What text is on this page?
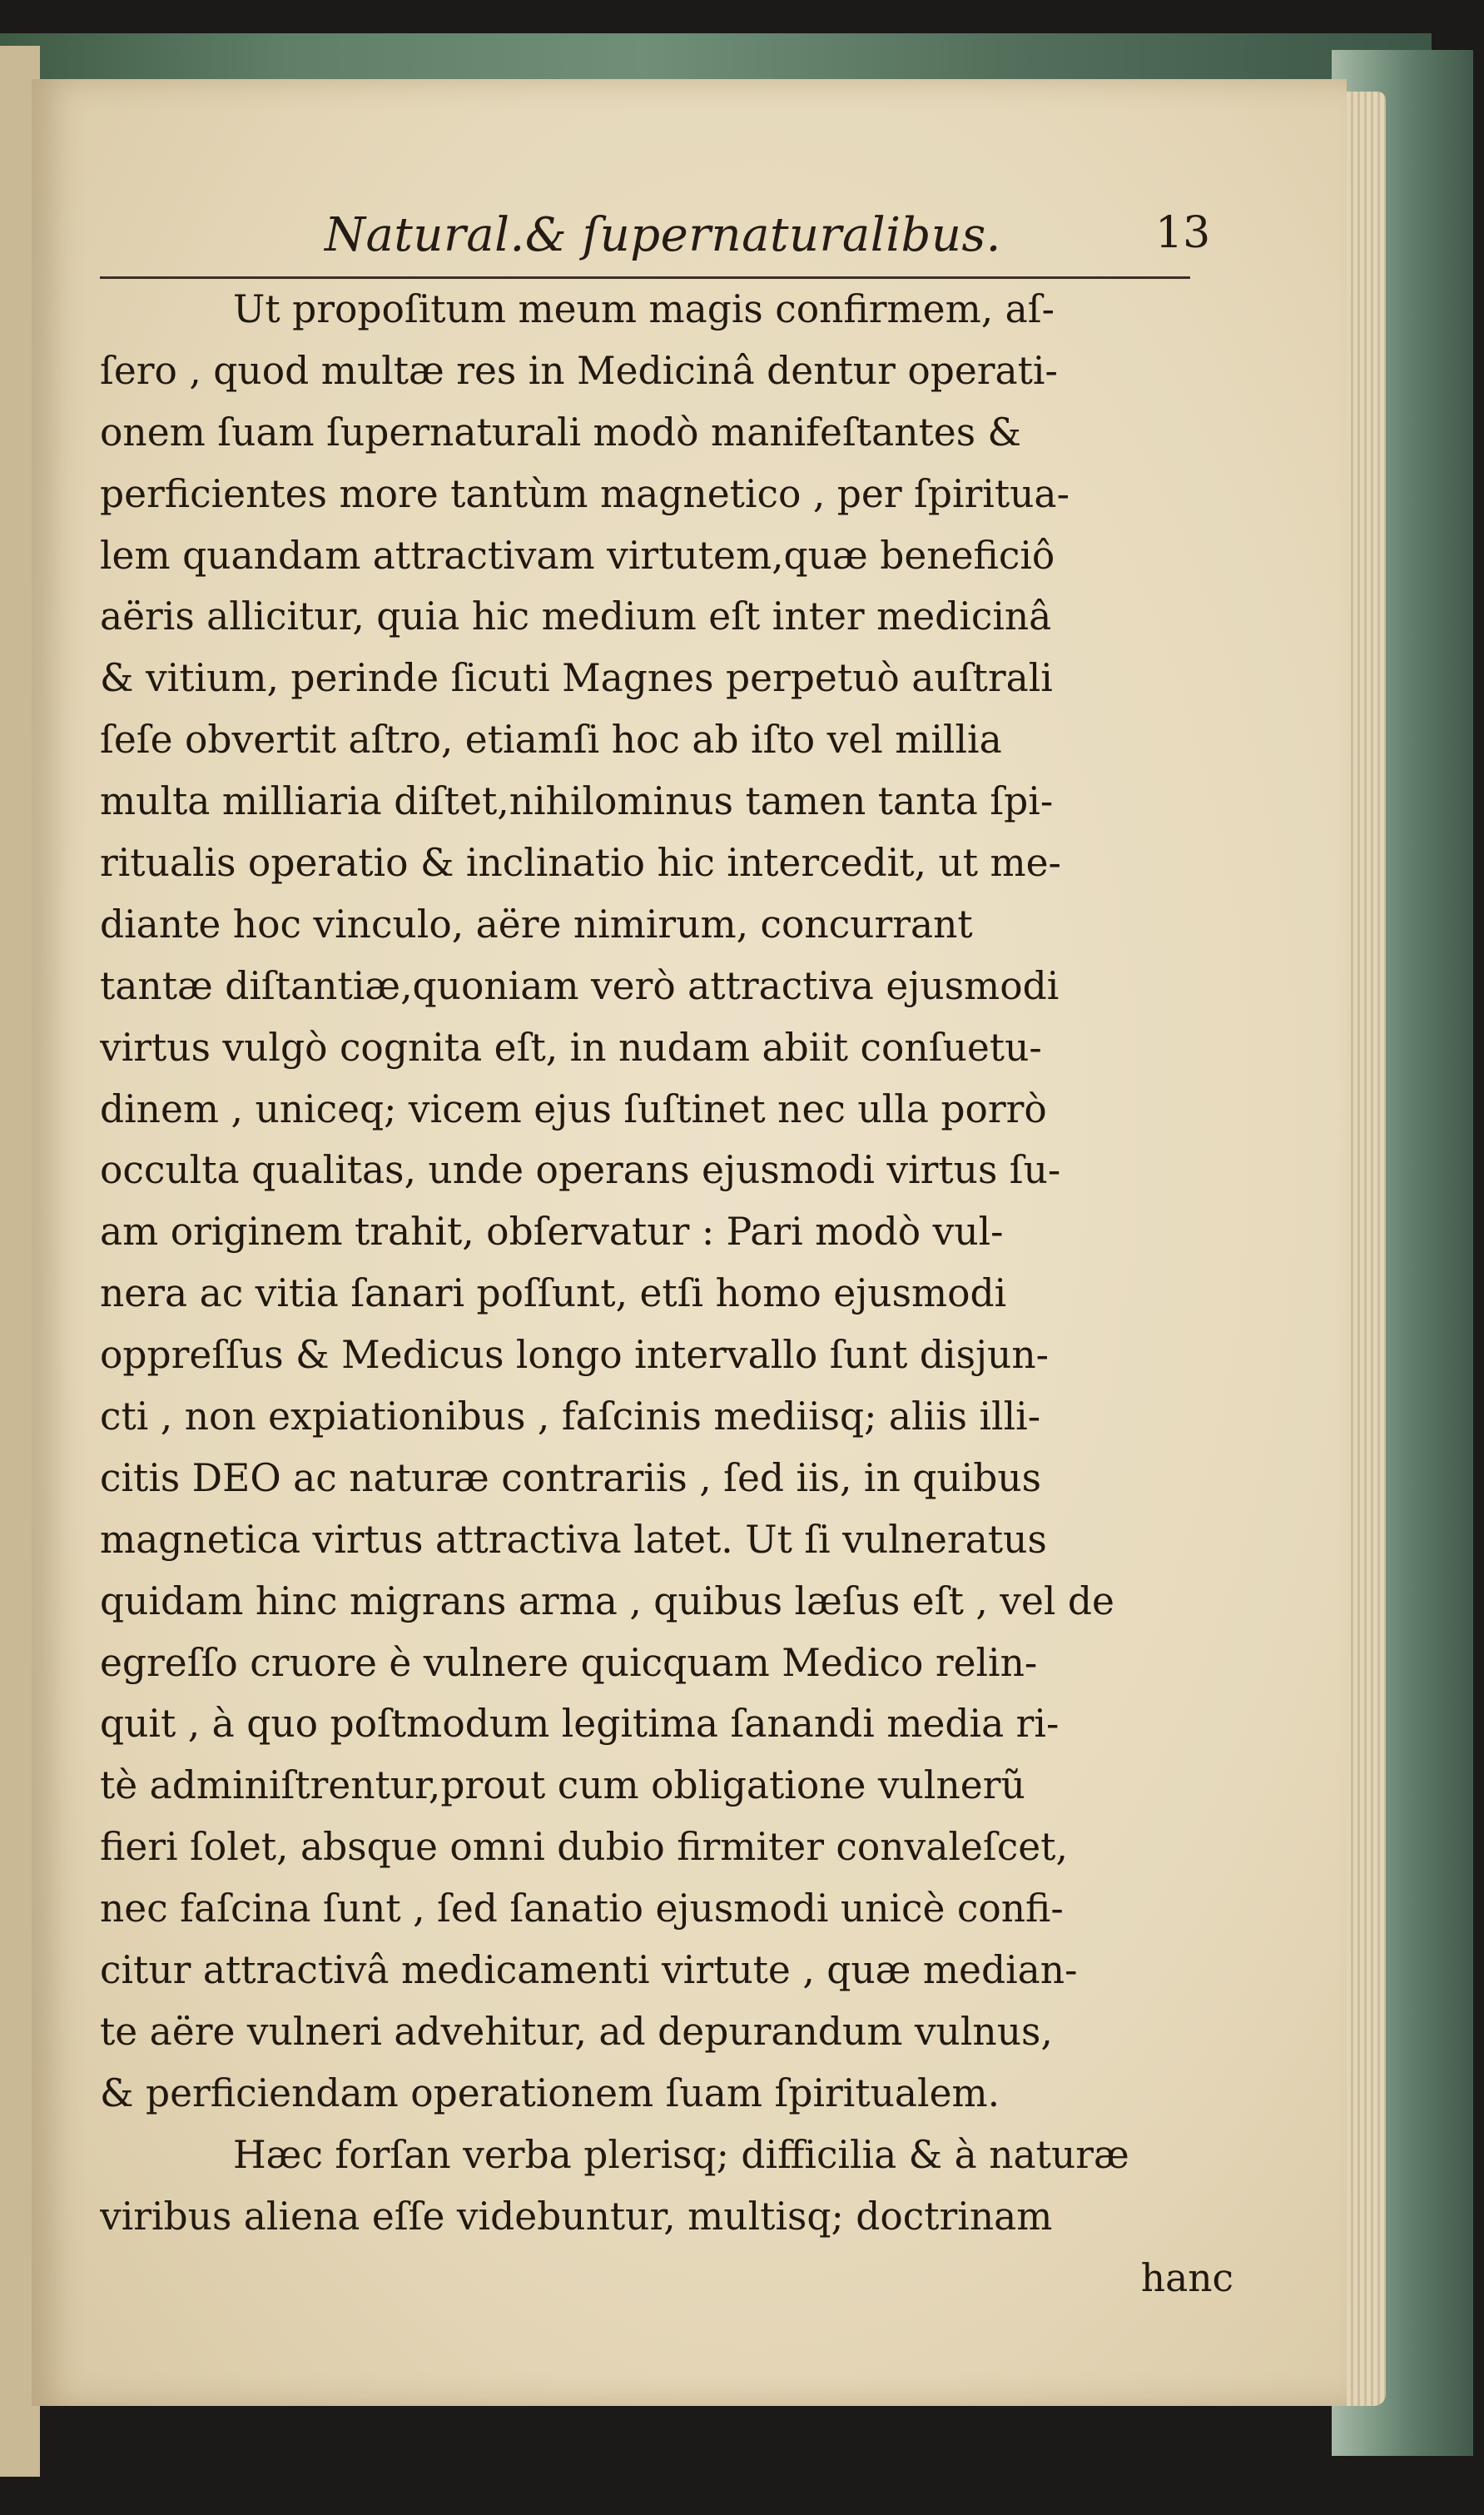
Natural.& ſupernaturalibus.	13
Ut propoſitum meum magis confirmem, aſ-
ſero , quod multæ res in Medicinâ dentur operati-
onem ſuam ſupernaturali modò manifeſtantes &
perficientes more tantùm magnetico , per ſpiritua-
lem quandam attractivam virtutem,quæ beneficiô
aëris allicitur, quia hic medium eſt inter medicinâ
& vitium, perinde ſicuti Magnes perpetuò auſtrali
ſeſe obvertit aſtro, etiamſi hoc ab iſto vel millia
multa milliaria diſtet,nihilominus tamen tanta ſpi-
ritualis operatio & inclinatio hic intercedit, ut me-
diante hoc vinculo, aëre nimirum, concurrant
tantæ diſtantiæ,quoniam verò attractiva ejusmodi
virtus vulgò cognita eſt, in nudam abiit conſuetu-
dinem , uniceq; vicem ejus ſuſtinet nec ulla porrò
occulta qualitas, unde operans ejusmodi virtus ſu-
am originem trahit, obſervatur : Pari modò vul-
nera ac vitia ſanari poſſunt, etſi homo ejusmodi
oppreſſus & Medicus longo intervallo ſunt disjun-
cti , non expiationibus , faſcinis mediisq; aliis illi-
citis DEO ac naturæ contrariis , ſed iis, in quibus
magnetica virtus attractiva latet. Ut ſi vulneratus
quidam hinc migrans arma , quibus læſus eſt , vel de
egreſſo cruore è vulnere quicquam Medico relin-
quit , à quo poſtmodum legitima ſanandi media ri-
tè adminiſtrentur,prout cum obligatione vulnerũ
fieri ſolet, absque omni dubio firmiter convaleſcet,
nec faſcina ſunt , ſed ſanatio ejusmodi unicè confi-
citur attractivâ medicamenti virtute , quæ median-
te aëre vulneri advehitur, ad depurandum vulnus,
& perficiendam operationem ſuam ſpiritualem.
Hæc forſan verba plerisq; difficilia & à naturæ
viribus aliena eſſe videbuntur, multisq; doctrinam
hanc
